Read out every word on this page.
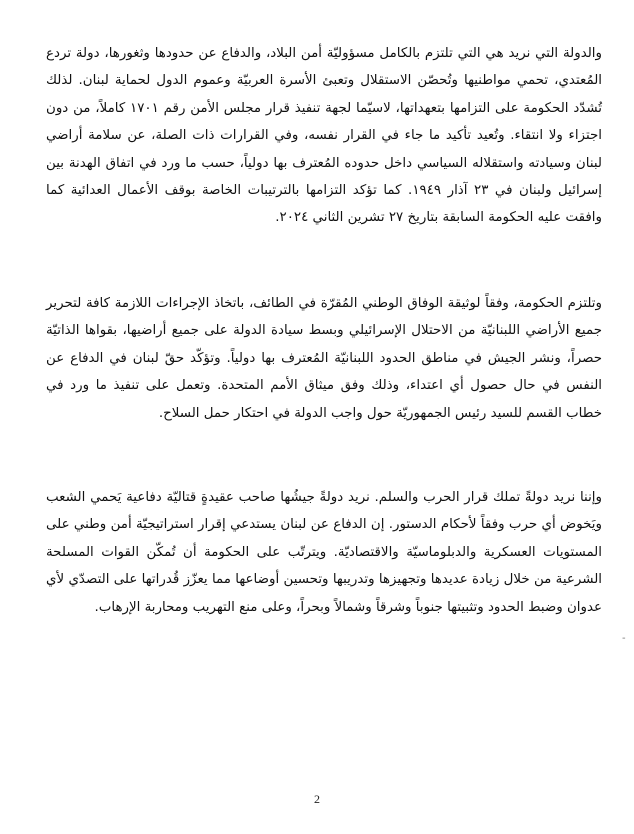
والدولة التي نريد هي التي تلتزم بالكامل مسؤوليّة أمن البلاد، والدفاع عن حدودها وثغورها، دولة تردع المُعتدي، تحمي مواطنيها وتُحصّن الاستقلال وتعبئ الأسرة العربيّة وعموم الدول لحماية لبنان. لذلك تُشدّد الحكومة على التزامها بتعهداتها، لاسيّما لجهة تنفيذ قرار مجلس الأمن رقم ١٧٠١ كاملاً، من دون اجتزاء ولا انتقاء. وتُعيد تأكيد ما جاء في القرار نفسه، وفي القرارات ذات الصلة، عن سلامة أراضي لبنان وسيادته واستقلاله السياسي داخل حدوده المُعترف بها دولياً، حسب ما ورد في اتفاق الهدنة بين إسرائيل ولبنان في ٢٣ آذار ١٩٤٩. كما تؤكد التزامها بالترتيبات الخاصة بوقف الأعمال العدائية كما وافقت عليه الحكومة السابقة بتاريخ ٢٧ تشرين الثاني ٢٠٢٤.

وتلتزم الحكومة، وفقاً لوثيقة الوفاق الوطني المُقرّة في الطائف، باتخاذ الإجراءات اللازمة كافة لتحرير جميع الأراضي اللبنانيّة من الاحتلال الإسرائيلي وبسط سيادة الدولة على جميع أراضيها، بقواها الذاتيّة حصراً، ونشر الجيش في مناطق الحدود اللبنانيّة المُعترف بها دولياً. وتؤكّد حقّ لبنان في الدفاع عن النفس في حال حصول أي اعتداء، وذلك وفق ميثاق الأمم المتحدة. وتعمل على تنفيذ ما ورد في خطاب القسم للسيد رئيس الجمهوريّة حول واجب الدولة في احتكار حمل السلاح.

وإننا نريد دولةً تملك قرار الحرب والسلم. نريد دولةً جيشُها صاحب عقيدةٍ قتاليّة دفاعية يَحمي الشعب ويَخوض أي حرب وفقاً لأحكام الدستور. إن الدفاع عن لبنان يستدعي إقرار استراتيجيّة أمن وطني على المستويات العسكرية والدبلوماسيّة والاقتصاديّة. ويترتّب على الحكومة أن تُمكّن القوات المسلحة الشرعية من خلال زيادة عديدها وتجهيزها وتدريبها وتحسين أوضاعها مما يعزّز قُدراتها على التصدّي لأي عدوان وضبط الحدود وتثبيتها جنوباً وشرقاً وشمالاً وبحراً، وعلى منع التهريب ومحاربة الإرهاب.

-
2
